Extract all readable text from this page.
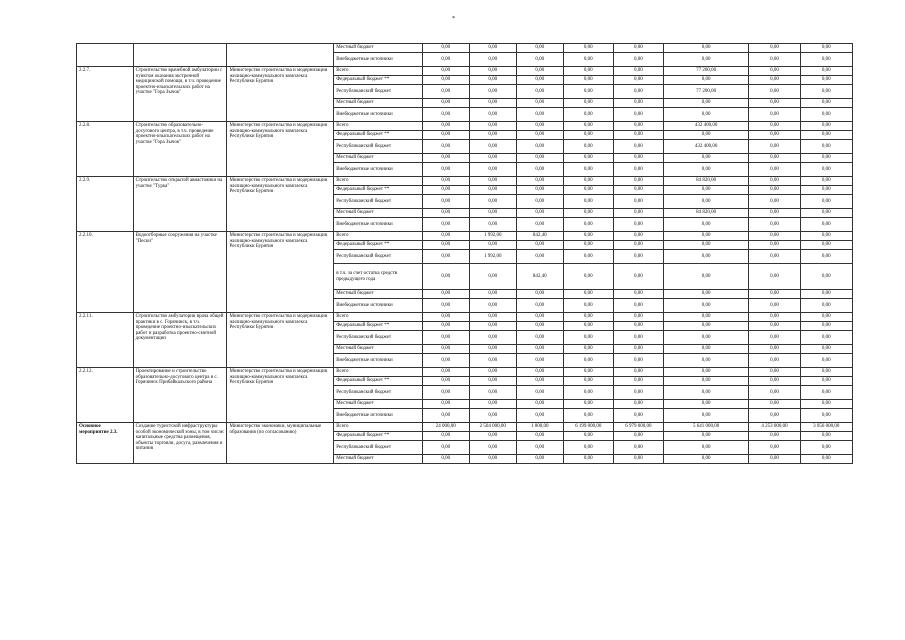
*
			Местный бюджет	0,00	0,00	0,00	0,00	0,00	0,00	0,00	0,00
			Внебюджетные источники	0,00	0,00	0,00	0,00	0,00	0,00	0,00	0,00
2.2.7.	Строительство врачебной амбулатории с пунктом оказания экстренной медицинской помощи, в т.ч. проведение проектно-изыскательских работ на участке "Гора Зычок"	Министерство строительства и модернизации жилищно-коммунального комплекса Республики Бурятия	Всего	0,00	0,00	0,00	0,00	0,00	77 200,00	0,00	0,00
			Федеральный бюджет **	0,00	0,00	0,00	0,00	0,00	0,00	0,00	0,00
			Республиканский бюджет	0,00	0,00	0,00	0,00	0,00	77 200,00	0,00	0,00
			Местный бюджет	0,00	0,00	0,00	0,00	0,00	0,00	0,00	0,00
			Внебюджетные источники	0,00	0,00	0,00	0,00	0,00	0,00	0,00	0,00
2.2.8.	Строительство образовательно-досугового центра, в т.ч. проведение проектно-изыскательских работ на участке "Гора Зычок"	Министерство строительства и модернизации жилищно-коммунального комплекса Республики Бурятия	Всего	0,00	0,00	0,00	0,00	0,00	432 400,00	0,00	0,00
			Федеральный бюджет **	0,00	0,00	0,00	0,00	0,00	0,00	0,00	0,00
			Республиканский бюджет	0,00	0,00	0,00	0,00	0,00	432 400,00	0,00	0,00
			Местный бюджет	0,00	0,00	0,00	0,00	0,00	0,00	0,00	0,00
			Внебюджетные источники	0,00	0,00	0,00	0,00	0,00	0,00	0,00	0,00
2.2.9.	Строительство открытой авиастоянки на участке "Турка"	Министерство строительства и модернизации жилищно-коммунального комплекса Республики Бурятия	Всего	0,00	0,00	0,00	0,00	0,00	84 820,00	0,00	0,00
			Федеральный бюджет **	0,00	0,00	0,00	0,00	0,00	0,00	0,00	0,00
			Республиканский бюджет	0,00	0,00	0,00	0,00	0,00	0,00	0,00	0,00
			Местный бюджет	0,00	0,00	0,00	0,00	0,00	84 820,00	0,00	0,00
			Внебюджетные источники	0,00	0,00	0,00	0,00	0,00	0,00	0,00	0,00
2.2.10.	Водоотборные сооружения на участке "Пески"	Министерство строительства и модернизации жилищно-коммунального комплекса Республики Бурятия	Всего	0,00	1 992,00	842,40	0,00	0,00	0,00	0,00	0,00
			Федеральный бюджет **	0,00	0,00	0,00	0,00	0,00	0,00	0,00	0,00
			Республиканский бюджет	0,00	1 992,00	0,00	0,00	0,00	0,00	0,00	0,00
			в т.ч. за счет остатка средств предыдущего года	0,00	0,00	842,40	0,00	0,00	0,00	0,00	0,00
			Местный бюджет	0,00	0,00	0,00	0,00	0,00	0,00	0,00	0,00
			Внебюджетные источники	0,00	0,00	0,00	0,00	0,00	0,00	0,00	0,00
2.2.11.	Строительство амбулатории врача общей практики в с. Горячинск, в т.ч. проведение проектно-изыскательских работ и разработка проектно-сметной документации	Министерство строительства и модернизации жилищно-коммунального комплекса Республики Бурятия	Всего	0,00	0,00	0,00	0,00	0,00	0,00	0,00	0,00
			Федеральный бюджет **	0,00	0,00	0,00	0,00	0,00	0,00	0,00	0,00
			Республиканский бюджет	0,00	0,00	0,00	0,00	0,00	0,00	0,00	0,00
			Местный бюджет	0,00	0,00	0,00	0,00	0,00	0,00	0,00	0,00
			Внебюджетные источники	0,00	0,00	0,00	0,00	0,00	0,00	0,00	0,00
2.2.12.	Проектирование и строительство образовательно-досугового центра в с. Горячинск Прибайкальского района	Министерство строительства и модернизации жилищно-коммунального комплекса Республики Бурятия	Всего	0,00	0,00	0,00	0,00	0,00	0,00	0,00	0,00
			Федеральный бюджет **	0,00	0,00	0,00	0,00	0,00	0,00	0,00	0,00
			Республиканский бюджет	0,00	0,00	0,00	0,00	0,00	0,00	0,00	0,00
			Местный бюджет	0,00	0,00	0,00	0,00	0,00	0,00	0,00	0,00
			Внебюджетные источники	0,00	0,00	0,00	0,00	0,00	0,00	0,00	0,00
Основное мероприятие 2.3.	Создание туристской инфраструктуры особой экономической зоны, в том числе: капитальные средства размещения, объекты торговли, досуга, развлечения и питания	Министерство экономики, муниципальные образования (по согласованию)	Всего	24 000,00	2 504 000,00	1 000,00	6 199 000,00	6 979 000,00	5 641 000,00	4 253 000,00	3 056 000,00
			Федеральный бюджет **	0,00	0,00	0,00	0,00	0,00	0,00	0,00	0,00
			Республиканский бюджет	0,00	0,00	0,00	0,00	0,00	0,00	0,00	0,00
			Местный бюджет	0,00	0,00	0,00	0,00	0,00	0,00	0,00	0,00
